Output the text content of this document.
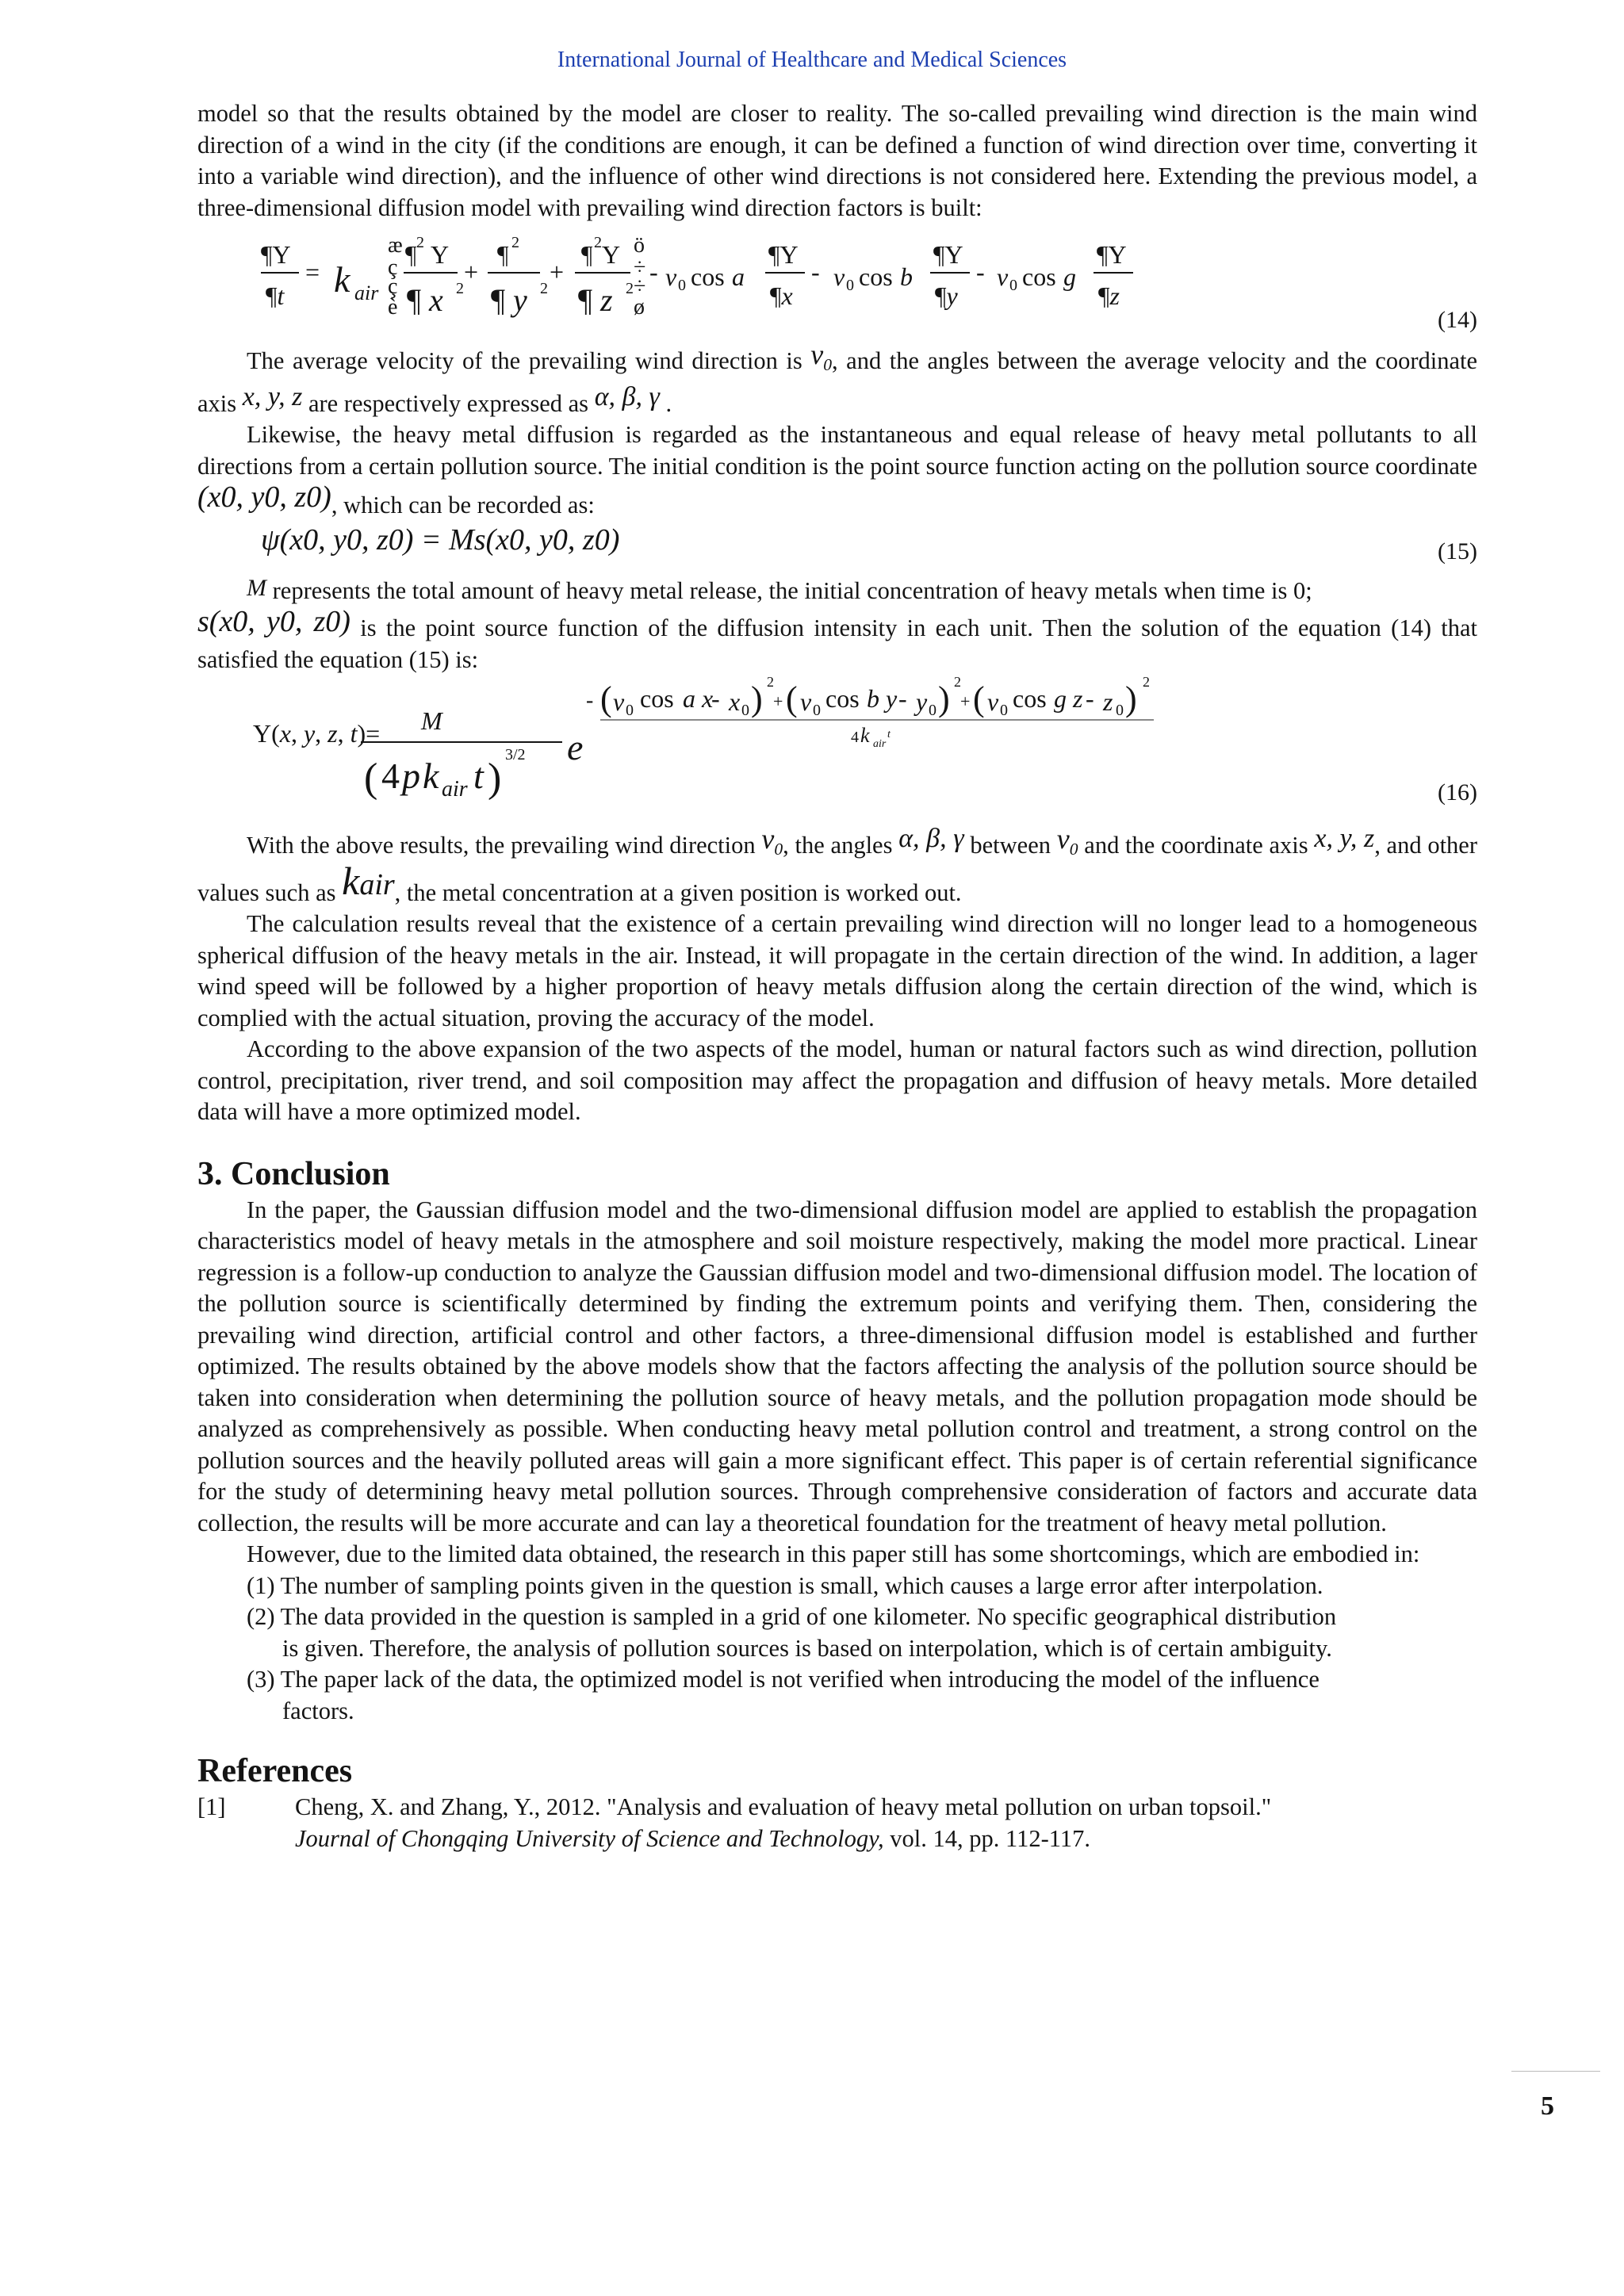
International Journal of Healthcare and Medical Sciences

model so that the results obtained by the model are closer to reality. The so-called prevailing wind direction is the main wind direction of a wind in the city (if the conditions are enough, it can be defined a function of wind direction over time, converting it into a variable wind direction), and the influence of other wind directions is not considered here. Extending the previous model, a three-dimensional diffusion model with prevailing wind direction factors is built:

¶Y
¶t
= k air
æ
ç
ç
è
2
¶ Y
¶ x 2
+
2
¶
¶ y 2
+
2
¶ Y
¶ z 2
ö
÷
÷
ø
- v 0 cos a
¶Y
¶x
- v 0 cos b
¶Y
¶y
- v 0 cos g
¶Y
¶z
(14)

The average velocity of the prevailing wind direction is $v_0$, and the angles between the average velocity and the coordinate axis x, y, z are respectively expressed as α, β, γ .

Likewise, the heavy metal diffusion is regarded as the instantaneous and equal release of heavy metal pollutants to all directions from a certain pollution source. The initial condition is the point source function acting on the pollution source coordinate (x0, y0, z0), which can be recorded as:

ψ(x0, y0, z0) = Ms(x0, y0, z0)	(15)

M represents the total amount of heavy metal release, the initial concentration of heavy metals when time is 0;

s(x0, y0, z0) is the point source function of the diffusion intensity in each unit. Then the solution of the equation (14) that satisfied the equation (15) is:

Y(x, y, z, t)= M
( 4 p k air t )
3/2 e
- ( v 0 cos a x
- x 0 ) 2
+ ( v 0 cos b y - y 0 ) 2
+ ( v 0 cos g z - z 0 ) 2
4 k air
t
(16)

With the above results, the prevailing wind direction $v_0$, the angles α, β, γ between $v_0$ and the coordinate axis x, y, z, and other values such as kair, the metal concentration at a given position is worked out.

The calculation results reveal that the existence of a certain prevailing wind direction will no longer lead to a homogeneous spherical diffusion of the heavy metals in the air. Instead, it will propagate in the certain direction of the wind. In addition, a lager wind speed will be followed by a higher proportion of heavy metals diffusion along the certain direction of the wind, which is complied with the actual situation, proving the accuracy of the model.

According to the above expansion of the two aspects of the model, human or natural factors such as wind direction, pollution control, precipitation, river trend, and soil composition may affect the propagation and diffusion of heavy metals. More detailed data will have a more optimized model.

3. Conclusion

In the paper, the Gaussian diffusion model and the two-dimensional diffusion model are applied to establish the propagation characteristics model of heavy metals in the atmosphere and soil moisture respectively, making the model more practical. Linear regression is a follow-up conduction to analyze the Gaussian diffusion model and two-dimensional diffusion model. The location of the pollution source is scientifically determined by finding the extremum points and verifying them. Then, considering the prevailing wind direction, artificial control and other factors, a three-dimensional diffusion model is established and further optimized. The results obtained by the above models show that the factors affecting the analysis of the pollution source should be taken into consideration when determining the pollution source of heavy metals, and the pollution propagation mode should be analyzed as comprehensively as possible. When conducting heavy metal pollution control and treatment, a strong control on the pollution sources and the heavily polluted areas will gain a more significant effect. This paper is of certain referential significance for the study of determining heavy metal pollution sources. Through comprehensive consideration of factors and accurate data collection, the results will be more accurate and can lay a theoretical foundation for the treatment of heavy metal pollution.

However, due to the limited data obtained, the research in this paper still has some shortcomings, which are embodied in:

(1) The number of sampling points given in the question is small, which causes a large error after interpolation.

(2) The data provided in the question is sampled in a grid of one kilometer. No specific geographical distribution
is given. Therefore, the analysis of pollution sources is based on interpolation, which is of certain ambiguity.

(3) The paper lack of the data, the optimized model is not verified when introducing the model of the influence
factors.

References
[1]	Cheng, X. and Zhang, Y., 2012. "Analysis and evaluation of heavy metal pollution on urban topsoil."
Journal of Chongqing University of Science and Technology, vol. 14, pp. 112-117.
5
